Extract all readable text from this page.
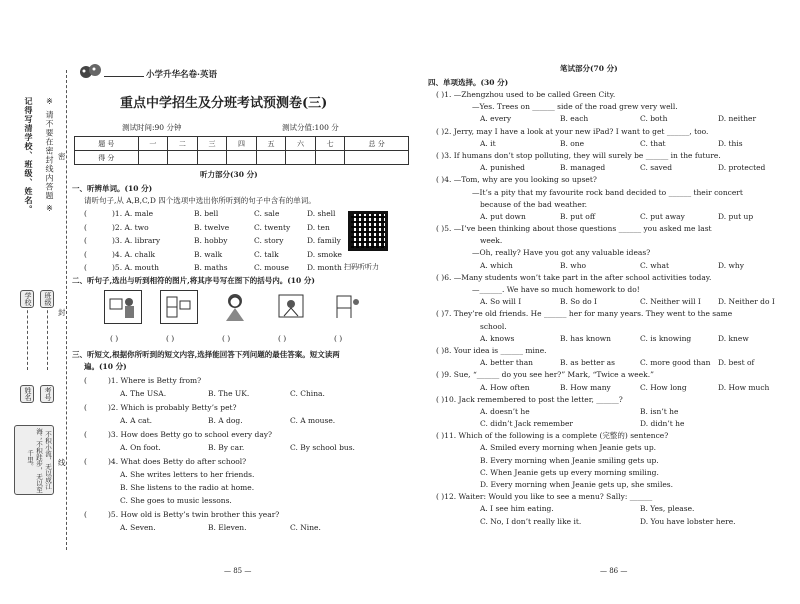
※ 请不要在密封线内答题 ※
记得写清学校、班级、姓名。
学校	班级
姓名	考号
不积小流，无以成江海；不积跬步，无以至千里。
密
封
线
小学升华名卷·英语
重点中学招生及分班考试预测卷(三)
测试时间:90 分钟	测试分值:100 分
题 号	一	二	三	四	五	六	七	总 分
得 分								
听力部分(30 分)
一、听辨单词。(10 分)
请听句子,从 A,B,C,D 四个选项中选出你所听到的句子中含有的单词。
(	)1. A. male	B. bell	C. sale	D. shell
(	)2. A. two	B. twelve	C. twenty D. ten
(	)3. A. library	B. hobby	C. story	D. family
(	)4. A. chalk	B. walk	C. talk	D. smoke
(	)5. A. mouth	B. maths	C. mouse D. month 扫码听听力
二、听句子,选出与听到相符的图片,将其序号写在图下的括号内。(10 分)
( )	( )	( )	( )	( )
三、听短文,根据你所听到的短文内容,选择能回答下列问题的最佳答案。短文读两
遍。(10 分)
(	)1. Where is Betty from?
A. The USA.	B. The UK.	C. China.
(	)2. Which is probably Betty’s pet?
A. A cat.	B. A dog.	C. A mouse.
(	)3. How does Betty go to school every day?
A. On foot.	B. By car.	C. By school bus.
(	)4. What does Betty do after school?
A. She writes letters to her friends.
B. She listens to the radio at home.
C. She goes to music lessons.
(	)5. How old is Betty’s twin brother this year?
A. Seven.	B. Eleven.	C. Nine.
— 85 —
笔试部分(70 分)
四、单项选择。(30 分)
( )1. —Zhengzhou used to be called Green City.
—Yes. Trees on ______ side of the road grew very well.
A. every	B. each	C. both	D. neither
( )2. Jerry, may I have a look at your new iPad? I want to get ______, too.
A. it	B. one	C. that	D. this
( )3. If humans don’t stop polluting, they will surely be ______ in the future.
A. punished	B. managed	C. saved	D. protected
( )4. —Tom, why are you looking so upset?
—It’s a pity that my favourite rock band decided to ______ their concert
because of the bad weather.
A. put down	B. put off	C. put away	D. put up
( )5. —I’ve been thinking about those questions ______ you asked me last
week.
—Oh, really? Have you got any valuable ideas?
A. which	B. who	C. what	D. why
( )6. —Many students won’t take part in the after school activities today.
—______. We have so much homework to do!
A. So will I	B. So do I	C. Neither will I D. Neither do I
( )7. They’re old friends. He ______ her for many years. They went to the same
school.
A. knows	B. has known	C. is knowing	D. knew
( )8. Your idea is ______ mine.
A. better than	B. as better as	C. more good than D. best of
( )9. Sue, “______ do you see her?” Mark, “Twice a week.”
A. How often	B. How many	C. How long	D. How much
( )10. Jack remembered to post the letter, ______?
A. doesn’t he	B. isn’t he
C. didn’t Jack remember	D. didn’t he
( )11. Which of the following is a complete (完整的) sentence?
A. Smiled every morning when Jeanie gets up.
B. Every morning when Jeanie smiling gets up.
C. When Jeanie gets up every morning smiling.
D. Every morning when Jeanie gets up, she smiles.
( )12. Waiter: Would you like to see a menu? Sally: ______
A. I see him eating.	B. Yes, please.
C. No, I don’t really like it.	D. You have lobster here.
— 86 —
